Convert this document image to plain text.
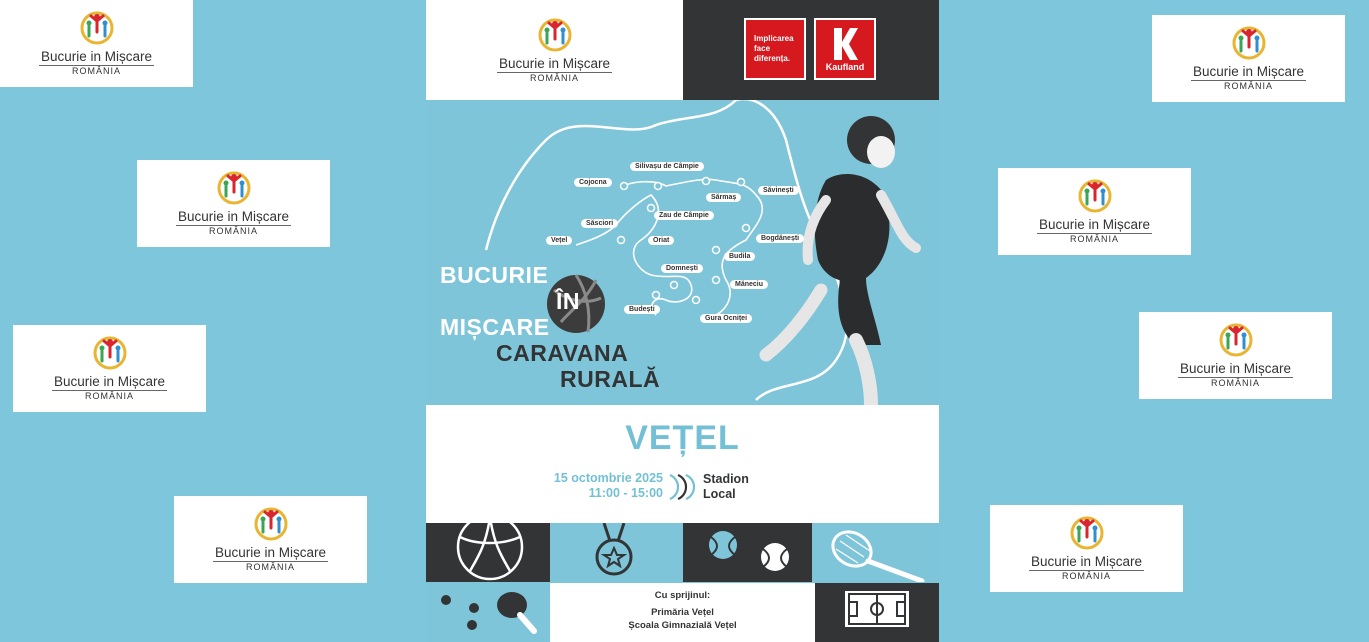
Bucurie in Mișcare
ROMÂNIA
Bucurie in Mișcare
ROMÂNIA
Bucurie in Mișcare
ROMÂNIA
Bucurie in Mișcare
ROMÂNIA
Bucurie in Mișcare
ROMÂNIA
Bucurie in Mișcare
ROMÂNIA
Bucurie in Mișcare
ROMÂNIA
Bucurie in Mișcare
ROMÂNIA
Bucurie in Mișcare
ROMÂNIA
Implicarea
face
diferența.
Kaufland
Silivașu de Câmpie
Cojocna
Sărmaș
Săvinești
Zau de Câmpie
Săsciori
Vețel	Oriat	Bogdănești
Budila
Domnești
Măneciu
Budești
Gura Ocniței
BUCURIE
ÎN
MIȘCARE
CARAVANA
RURALĂ
VEȚEL
15 octombrie 2025
11:00 - 15:00
Stadion
Local
Cu sprijinul:
Primăria Vețel
Școala Gimnazială Vețel
